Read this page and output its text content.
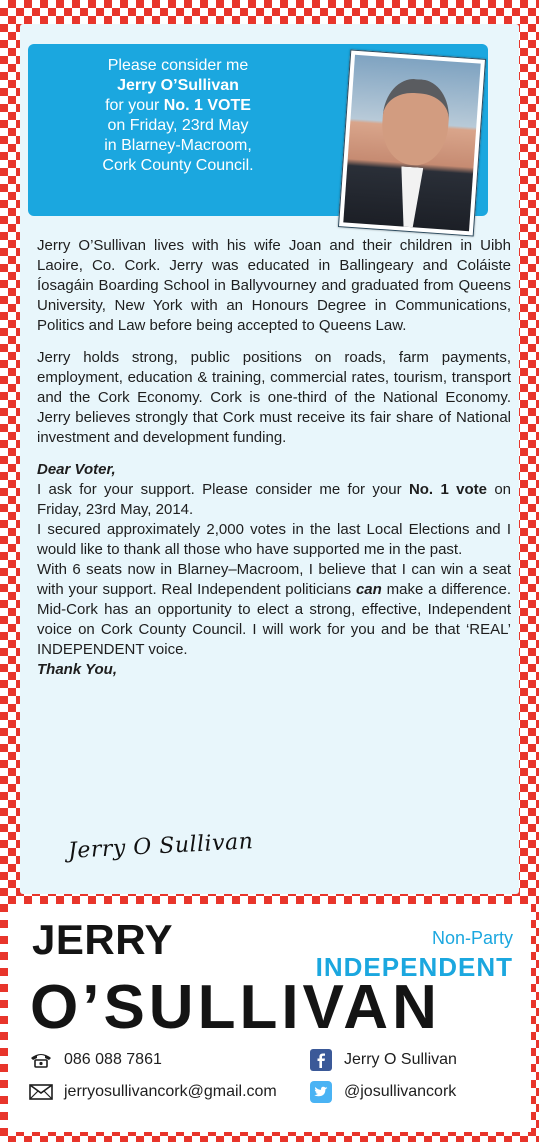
Please consider me
Jerry O’Sullivan
for your No. 1 VOTE
on Friday, 23rd May
in Blarney-Macroom,
Cork County Council.

Jerry O’Sullivan lives with his wife Joan and their children in Uibh Laoire, Co. Cork. Jerry was educated in Ballingeary and Coláiste Íosagáin Boarding School in Ballyvourney and graduated from Queens University, New York with an Honours Degree in Communications, Politics and Law before being accepted to Queens Law.

Jerry holds strong, public positions on roads, farm payments, employment, education & training, commercial rates, tourism, transport and the Cork Economy. Cork is one-third of the National Economy. Jerry believes strongly that Cork must receive its fair share of National investment and development funding.

Dear Voter,
I ask for your support. Please consider me for your No. 1 vote on Friday, 23rd May, 2014.
I secured approximately 2,000 votes in the last Local Elections and I would like to thank all those who have supported me in the past.
With 6 seats now in Blarney–Macroom, I believe that I can win a seat with your support. Real Independent politicians can make a difference. Mid-Cork has an opportunity to elect a strong, effective, Independent voice on Cork County Council. I will work for you and be that ‘REAL’ INDEPENDENT voice.
Thank You,
Jerry O Sullivan
JERRY	Non-Party
INDEPENDENT
O’SULLIVAN
086 088 7861
jerryosullivancork@gmail.com
Jerry O Sullivan
@josullivancork
